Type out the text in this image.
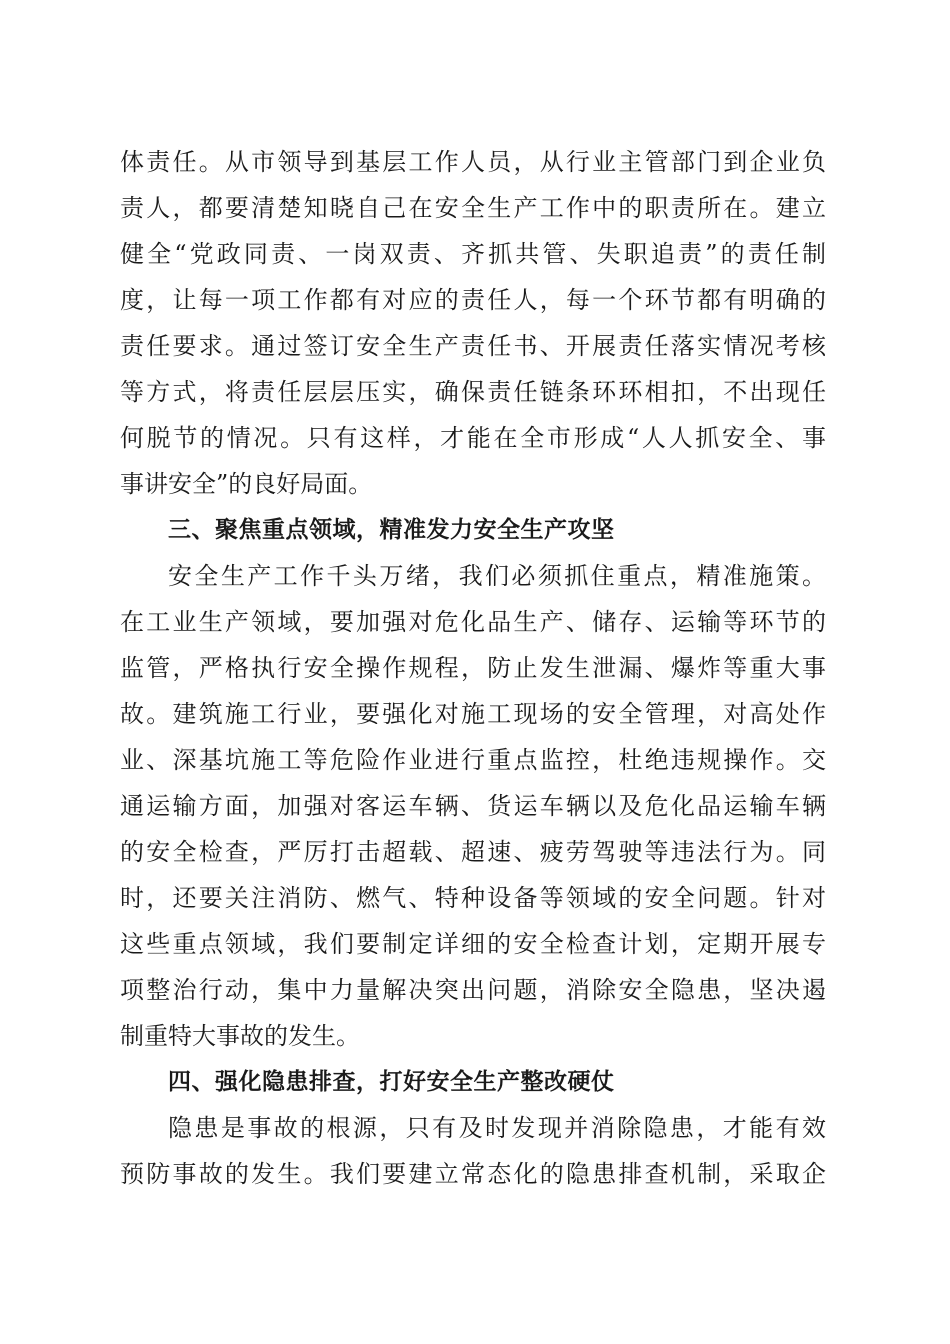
体责任。从市领导到基层工作人员，从行业主管部门到企业负
责人，都要清楚知晓自己在安全生产工作中的职责所在。建立
健全“党政同责、一岗双责、齐抓共管、失职追责”的责任制
度，让每一项工作都有对应的责任人，每一个环节都有明确的
责任要求。通过签订安全生产责任书、开展责任落实情况考核
等方式，将责任层层压实，确保责任链条环环相扣，不出现任
何脱节的情况。只有这样，才能在全市形成“人人抓安全、事
事讲安全”的良好局面。
三、聚焦重点领域，精准发力安全生产攻坚
安全生产工作千头万绪，我们必须抓住重点，精准施策。
在工业生产领域，要加强对危化品生产、储存、运输等环节的
监管，严格执行安全操作规程，防止发生泄漏、爆炸等重大事
故。建筑施工行业，要强化对施工现场的安全管理，对高处作
业、深基坑施工等危险作业进行重点监控，杜绝违规操作。交
通运输方面，加强对客运车辆、货运车辆以及危化品运输车辆
的安全检查，严厉打击超载、超速、疲劳驾驶等违法行为。同
时，还要关注消防、燃气、特种设备等领域的安全问题。针对
这些重点领域，我们要制定详细的安全检查计划，定期开展专
项整治行动，集中力量解决突出问题，消除安全隐患，坚决遏
制重特大事故的发生。
四、强化隐患排查，打好安全生产整改硬仗
隐患是事故的根源，只有及时发现并消除隐患，才能有效
预防事故的发生。我们要建立常态化的隐患排查机制，采取企
